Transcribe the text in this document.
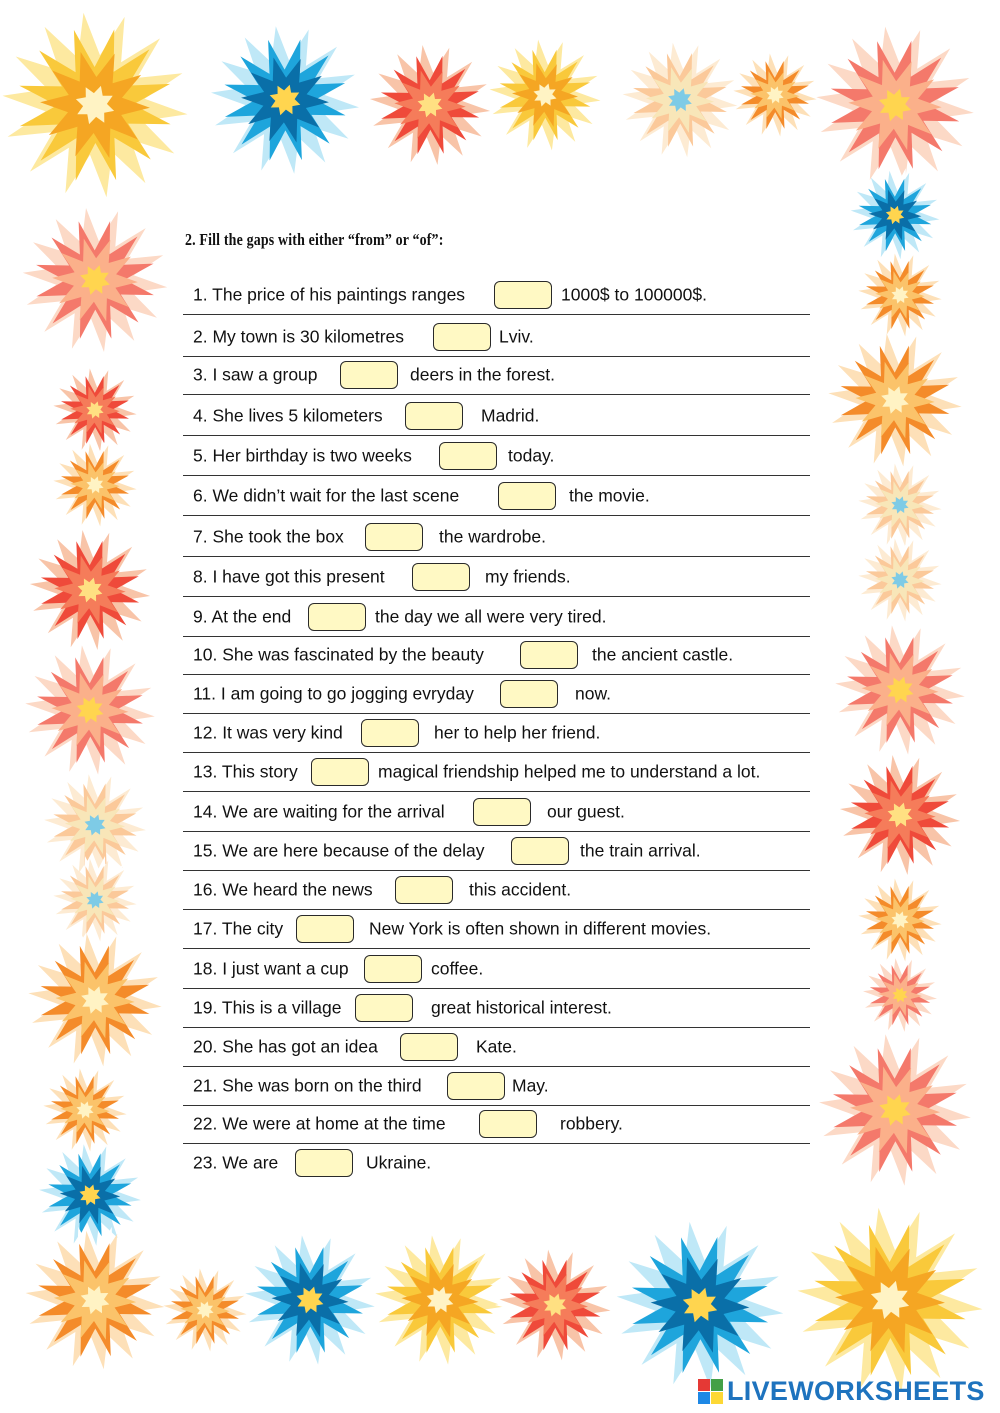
2. Fill the gaps with either “from” or “of”:
1. The price of his paintings ranges	1000$ to 100000$.
2. My town is 30 kilometres	Lviv.
3. I saw a group	deers in the forest.
4. She lives 5 kilometers	Madrid.
5. Her birthday is two weeks	today.
6. We didn’t wait for the last scene	the movie.
7. She took the box	the wardrobe.
8. I have got this present	my friends.
9. At the end	the day we all were very tired.
10. She was fascinated by the beauty	the ancient castle.
11. I am going to go jogging evryday	now.
12. It was very kind	her to help her friend.
13. This story	magical friendship helped me to understand a lot.
14. We are waiting for the arrival	our guest.
15. We are here because of the delay	the train arrival.
16. We heard the news	this accident.
17. The city	New York is often shown in different movies.
18. I just want a cup	coffee.
19. This is a village	great historical interest.
20. She has got an idea	Kate.
21. She was born on the third	May.
22. We were at home at the time	robbery.
23. We are	Ukraine.
LIVEWORKSHEETS
